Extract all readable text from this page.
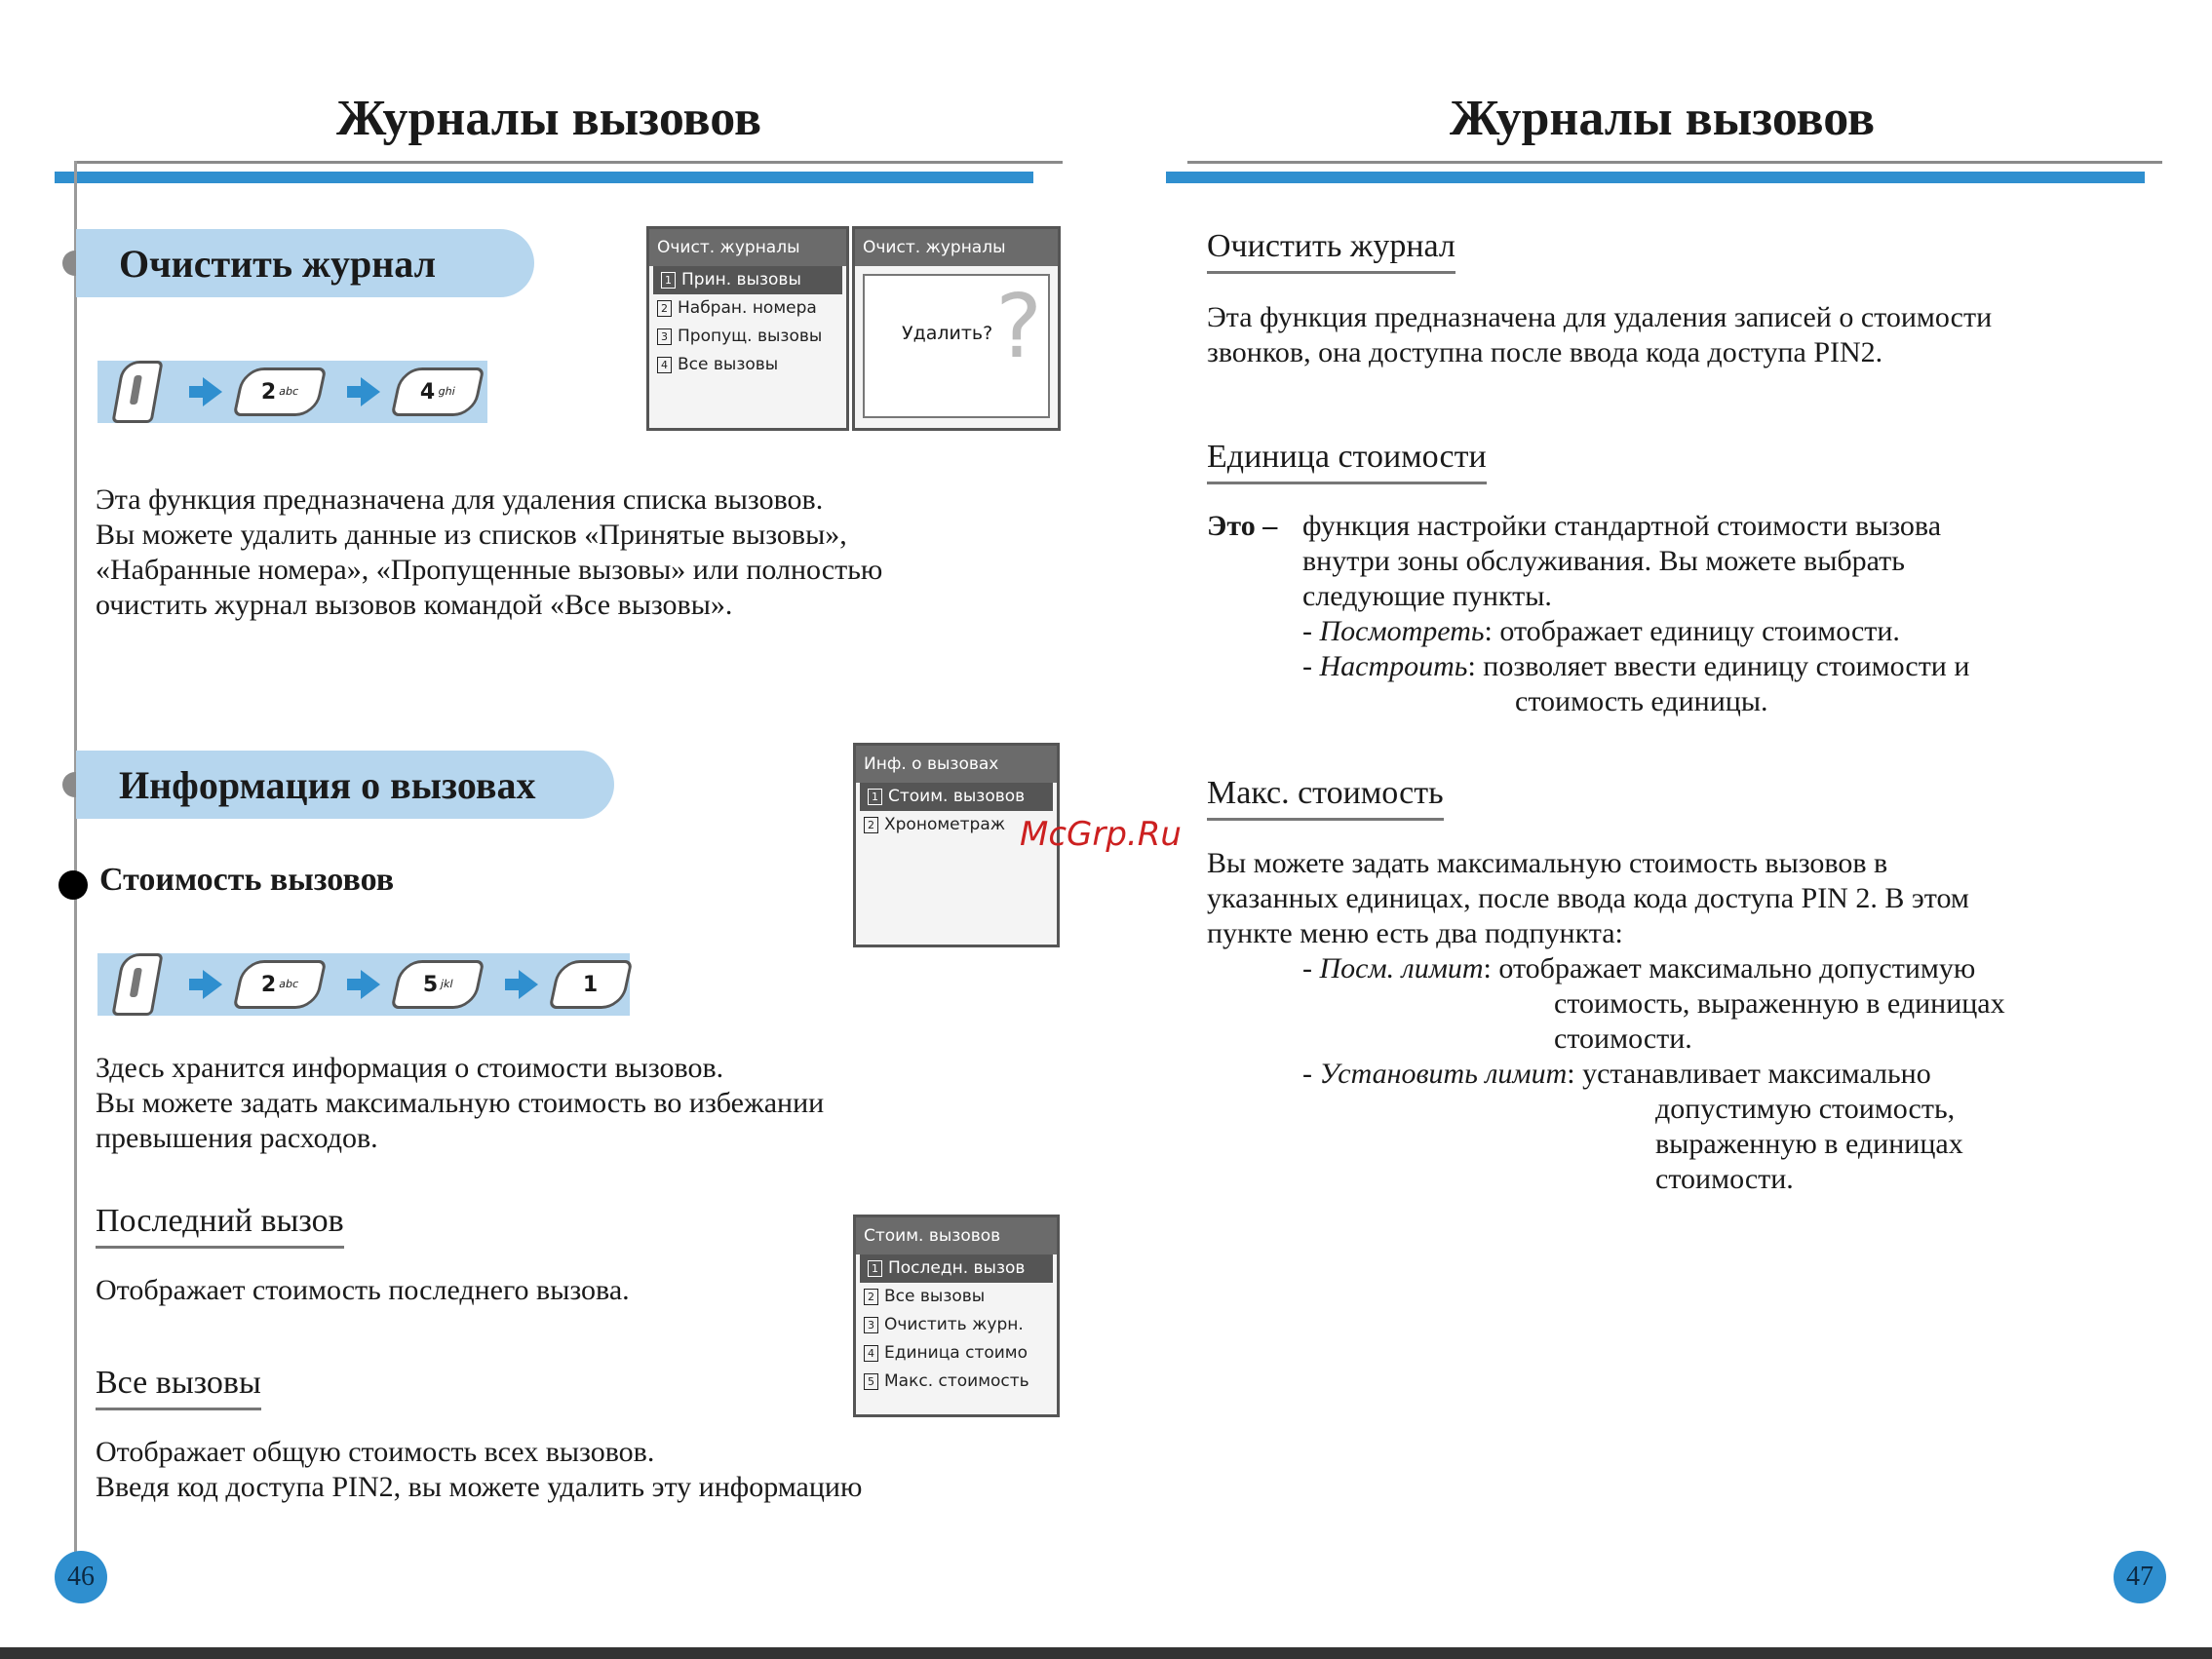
Журналы вызовов
Очистить журнал
2 abc	4 ghi
Очист. журналы
1 Прин. вызовы
2 Набран. номера
3 Пропущ. вызовы
4 Все вызовы
Очист. журналы
?
Удалить?
Эта функция предназначена для удаления списка вызовов.
Вы можете удалить данные из списков «Принятые вызовы»,
«Набранные номера», «Пропущенные вызовы» или полностью
очистить журнал вызовов командой «Все вызовы».
Информация о вызовах
Стоимость вызовов
Инф. о вызовах
1 Стоим. вызовов
2 Хронометраж
2 abc	5 jkl	1
Здесь хранится информация о стоимости вызовов.
Вы можете задать максимальную стоимость во избежании
превышения расходов.
Последний вызов
Отображает стоимость последнего вызова.
Все вызовы
Отображает общую стоимость всех вызовов.
Введя код доступа PIN2, вы можете удалить эту информацию
Стоим. вызовов
1 Последн. вызов
2 Все вызовы
3 Очистить журн.
4 Единица стоимо
5 Макс. стоимость
46
Журналы вызовов
Очистить журнал
Эта функция предназначена для удаления записей о стоимости
звонков, она доступна после ввода кода доступа PIN2.
Единица стоимости
Это – функция настройки стандартной стоимости вызова
внутри зоны обслуживания. Вы можете выбрать
следующие пункты.
- Посмотреть: отображает единицу стоимости.
- Настроить: позволяет ввести единицу стоимости и
стоимость единицы.
Макс. стоимость
Вы можете задать максимальную стоимость вызовов в
указанных единицах, после ввода кода доступа PIN 2. В этом
пункте меню есть два подпункта:
- Посм. лимит: отображает максимально допустимую
стоимость, выраженную в единицах
стоимости.
- Установить лимит: устанавливает максимально
допустимую стоимость,
выраженную в единицах
стоимости.
47
McGrp.Ru
